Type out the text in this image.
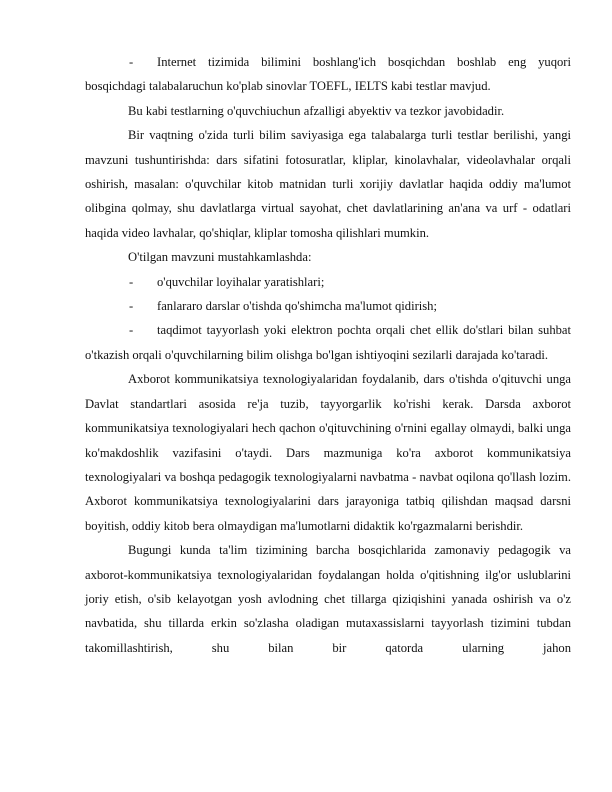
- Internet tizimida bilimini boshlang'ich bosqichdan boshlab eng yuqori bosqichdagi talabalaruchun ko'plab sinovlar TOEFL, IELTS kabi testlar mavjud.

Bu kabi testlarning o'quvchiuchun afzalligi abyektiv va tezkor javobidadir.

Bir vaqtning o'zida turli bilim saviyasiga ega talabalarga turli testlar berilishi, yangi mavzuni tushuntirishda: dars sifatini fotosuratlar, kliplar, kinolavhalar, videolavhalar orqali oshirish, masalan: o'quvchilar kitob matnidan turli xorijiy davlatlar haqida oddiy ma'lumot olibgina qolmay, shu davlatlarga virtual sayohat, chet davlatlarining an'ana va urf - odatlari haqida video lavhalar, qo'shiqlar, kliplar tomosha qilishlari mumkin.

O'tilgan mavzuni mustahkamlashda:

- o'quvchilar loyihalar yaratishlari;

- fanlararo darslar o'tishda qo'shimcha ma'lumot qidirish;

- taqdimot tayyorlash yoki elektron pochta orqali chet ellik do'stlari bilan suhbat o'tkazish orqali o'quvchilarning bilim olishga bo'lgan ishtiyoqini sezilarli darajada ko'taradi.

Axborot kommunikatsiya texnologiyalaridan foydalanib, dars o'tishda o'qituvchi unga Davlat standartlari asosida re'ja tuzib, tayyorgarlik ko'rishi kerak. Darsda axborot kommunikatsiya texnologiyalari hech qachon o'qituvchining o'rnini egallay olmaydi, balki unga ko'makdoshlik vazifasini o'taydi. Dars mazmuniga ko'ra axborot kommunikatsiya texnologiyalari va boshqa pedagogik texnologiyalarni navbatma - navbat oqilona qo'llash lozim. Axborot kommunikatsiya texnologiyalarini dars jarayoniga tatbiq qilishdan maqsad darsni boyitish, oddiy kitob bera olmaydigan ma'lumotlarni didaktik ko'rgazmalarni berishdir.

Bugungi kunda ta'lim tizimining barcha bosqichlarida zamonaviy pedagogik va axborot-kommunikatsiya texnologiyalaridan foydalangan holda o'qitishning ilg'or uslublarini joriy etish, o'sib kelayotgan yosh avlodning chet tillarga qiziqishini yanada oshirish va o'z navbatida, shu tillarda erkin so'zlasha oladigan mutaxassislarni tayyorlash tizimini tubdan takomillashtirish, shu bilan bir qatorda ularning jahon
